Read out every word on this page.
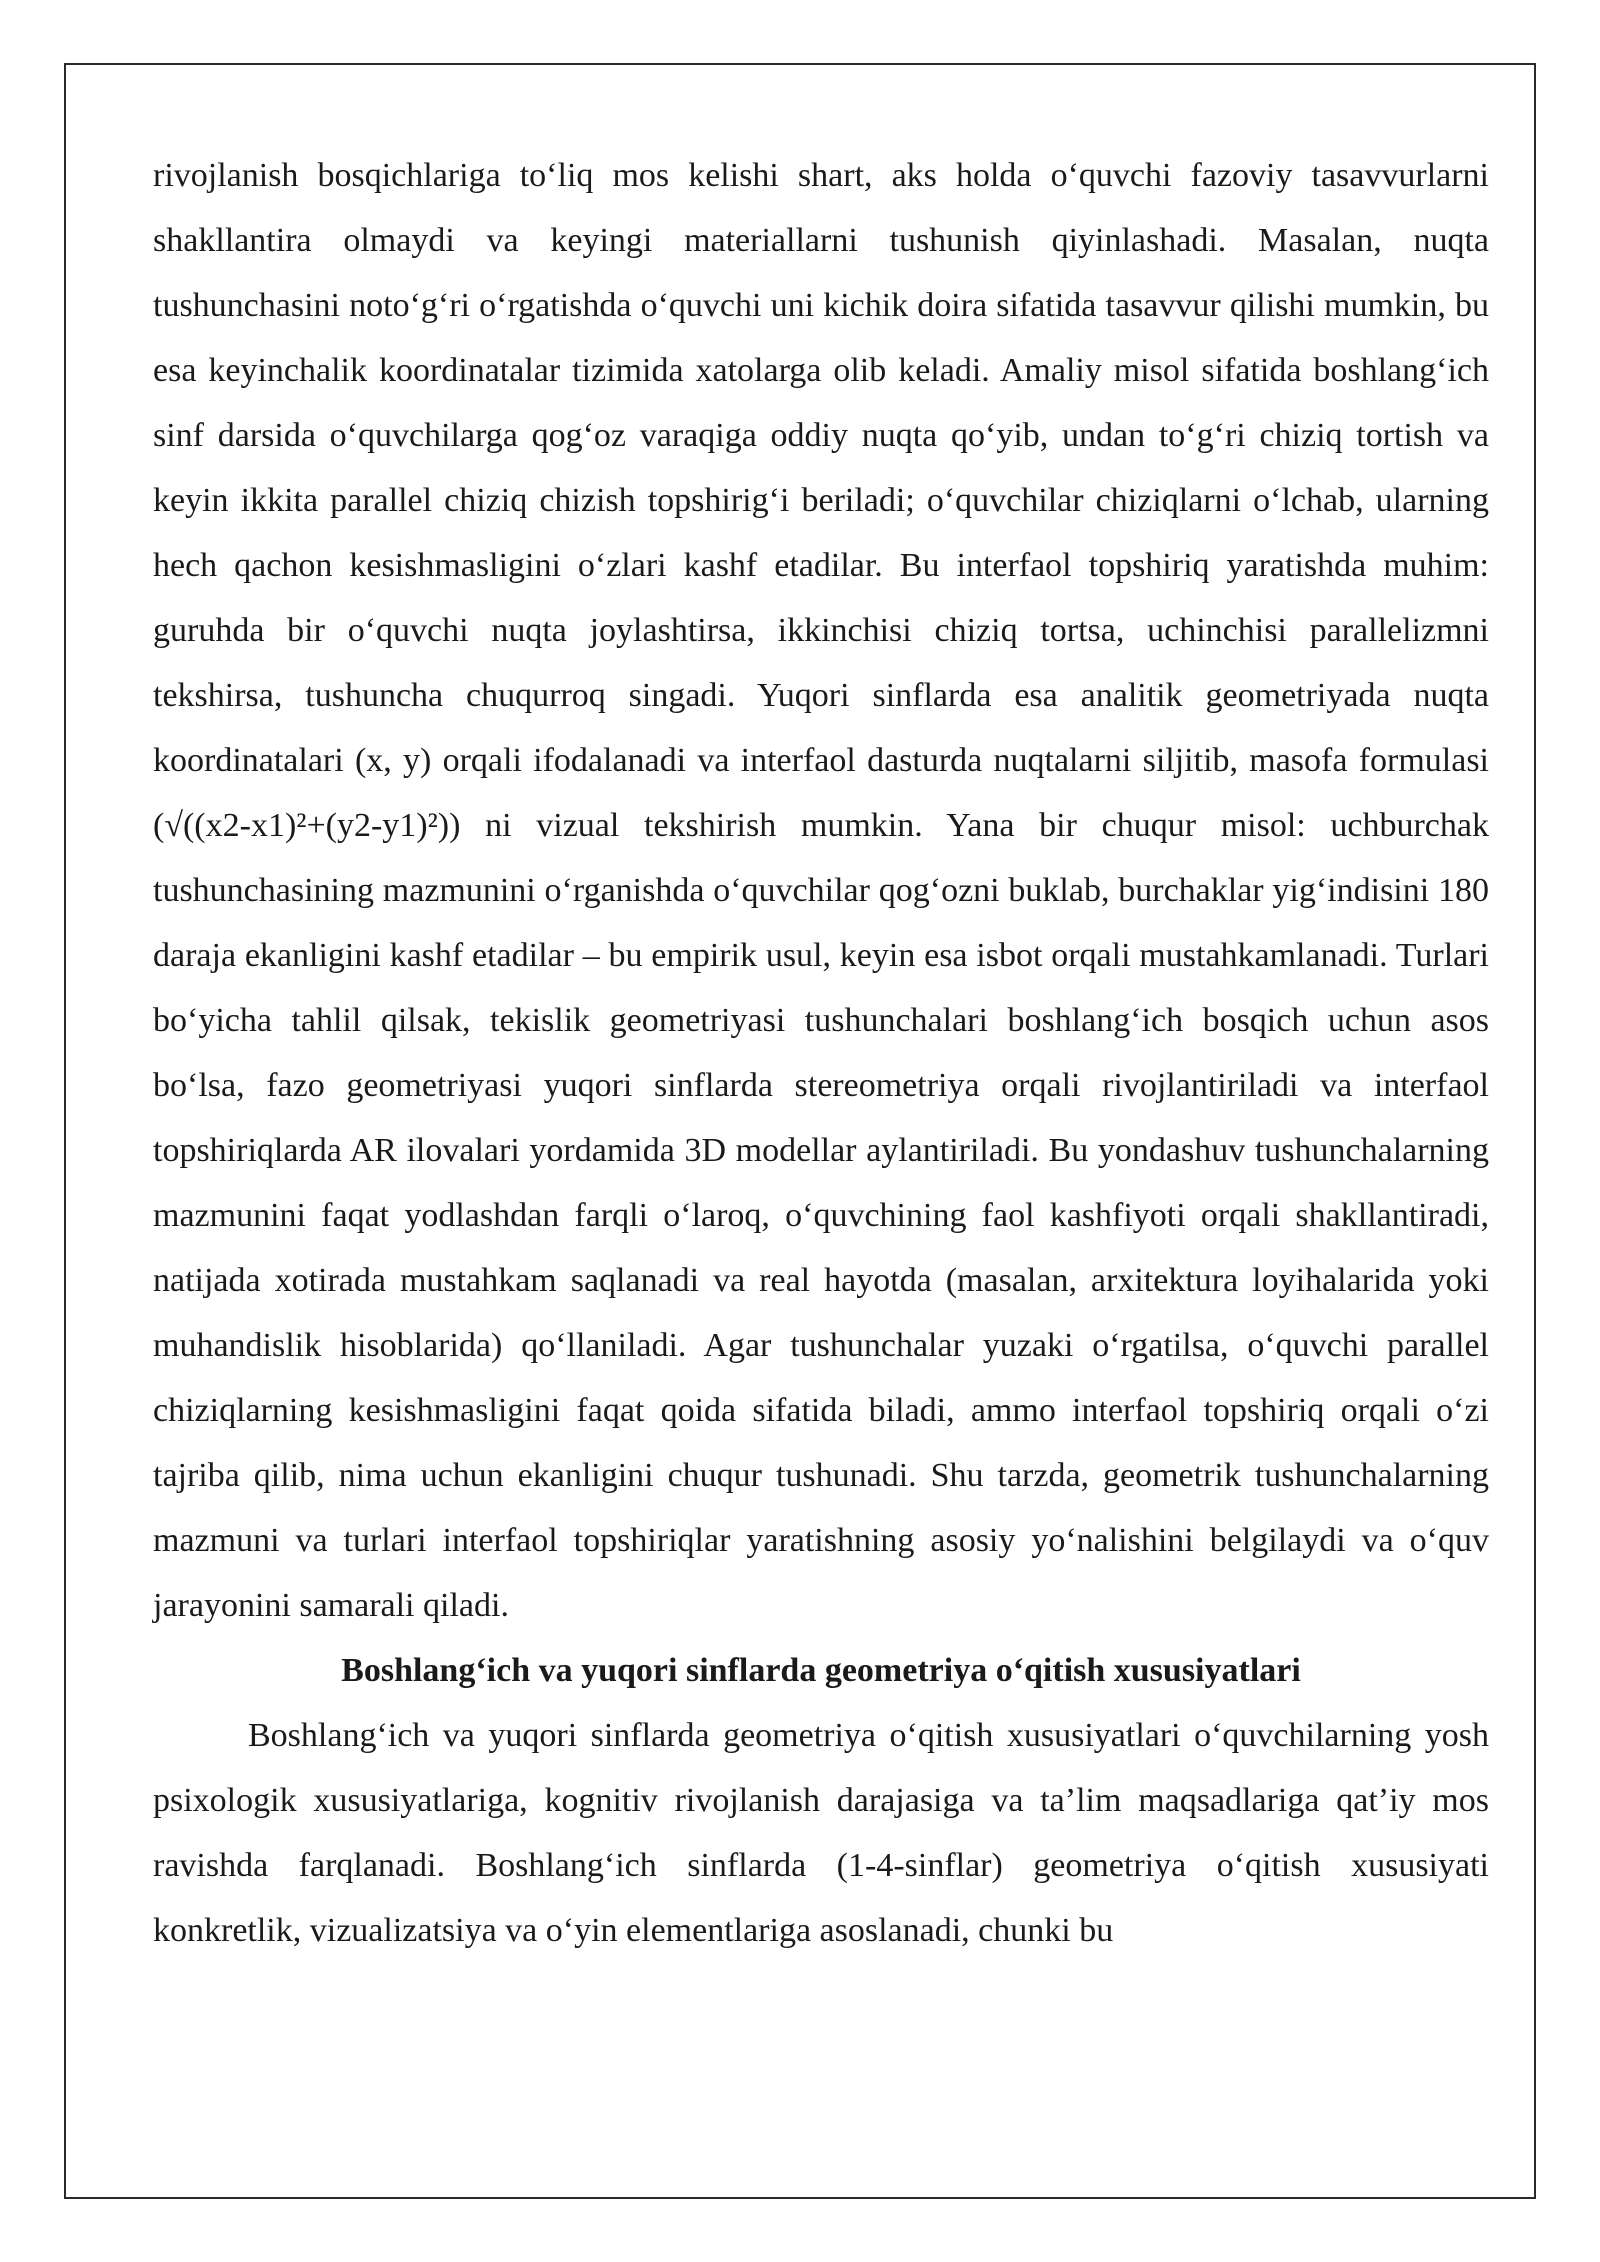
rivojlanish bosqichlariga to‘liq mos kelishi shart, aks holda o‘quvchi fazoviy tasavvurlarni shakllantira olmaydi va keyingi materiallarni tushunish qiyinlashadi. Masalan, nuqta tushunchasini noto‘g‘ri o‘rgatishda o‘quvchi uni kichik doira sifatida tasavvur qilishi mumkin, bu esa keyinchalik koordinatalar tizimida xatolarga olib keladi. Amaliy misol sifatida boshlang‘ich sinf darsida o‘quvchilarga qog‘oz varaqiga oddiy nuqta qo‘yib, undan to‘g‘ri chiziq tortish va keyin ikkita parallel chiziq chizish topshirig‘i beriladi; o‘quvchilar chiziqlarni o‘lchab, ularning hech qachon kesishmasligini o‘zlari kashf etadilar. Bu interfaol topshiriq yaratishda muhim: guruhda bir o‘quvchi nuqta joylashtirsa, ikkinchisi chiziq tortsa, uchinchisi parallelizmni tekshirsa, tushuncha chuqurroq singadi. Yuqori sinflarda esa analitik geometriyada nuqta koordinatalari (x, y) orqali ifodalanadi va interfaol dasturda nuqtalarni siljitib, masofa formulasi (√((x2-x1)²+(y2-y1)²)) ni vizual tekshirish mumkin. Yana bir chuqur misol: uchburchak tushunchasining mazmunini o‘rganishda o‘quvchilar qog‘ozni buklab, burchaklar yig‘indisini 180 daraja ekanligini kashf etadilar – bu empirik usul, keyin esa isbot orqali mustahkamlanadi. Turlari bo‘yicha tahlil qilsak, tekislik geometriyasi tushunchalari boshlang‘ich bosqich uchun asos bo‘lsa, fazo geometriyasi yuqori sinflarda stereometriya orqali rivojlantiriladi va interfaol topshiriqlarda AR ilovalari yordamida 3D modellar aylantiriladi. Bu yondashuv tushunchalarning mazmunini faqat yodlashdan farqli o‘laroq, o‘quvchining faol kashfiyoti orqali shakllantiradi, natijada xotirada mustahkam saqlanadi va real hayotda (masalan, arxitektura loyihalarida yoki muhandislik hisoblarida) qo‘llaniladi. Agar tushunchalar yuzaki o‘rgatilsa, o‘quvchi parallel chiziqlarning kesishmasligini faqat qoida sifatida biladi, ammo interfaol topshiriq orqali o‘zi tajriba qilib, nima uchun ekanligini chuqur tushunadi. Shu tarzda, geometrik tushunchalarning mazmuni va turlari interfaol topshiriqlar yaratishning asosiy yo‘nalishini belgilaydi va o‘quv jarayonini samarali qiladi.

Boshlang‘ich va yuqori sinflarda geometriya o‘qitish xususiyatlari

Boshlang‘ich va yuqori sinflarda geometriya o‘qitish xususiyatlari o‘quvchilarning yosh psixologik xususiyatlariga, kognitiv rivojlanish darajasiga va ta’lim maqsadlariga qat’iy mos ravishda farqlanadi. Boshlang‘ich sinflarda (1-4-sinflar) geometriya o‘qitish xususiyati konkretlik, vizualizatsiya va o‘yin elementlariga asoslanadi, chunki bu
